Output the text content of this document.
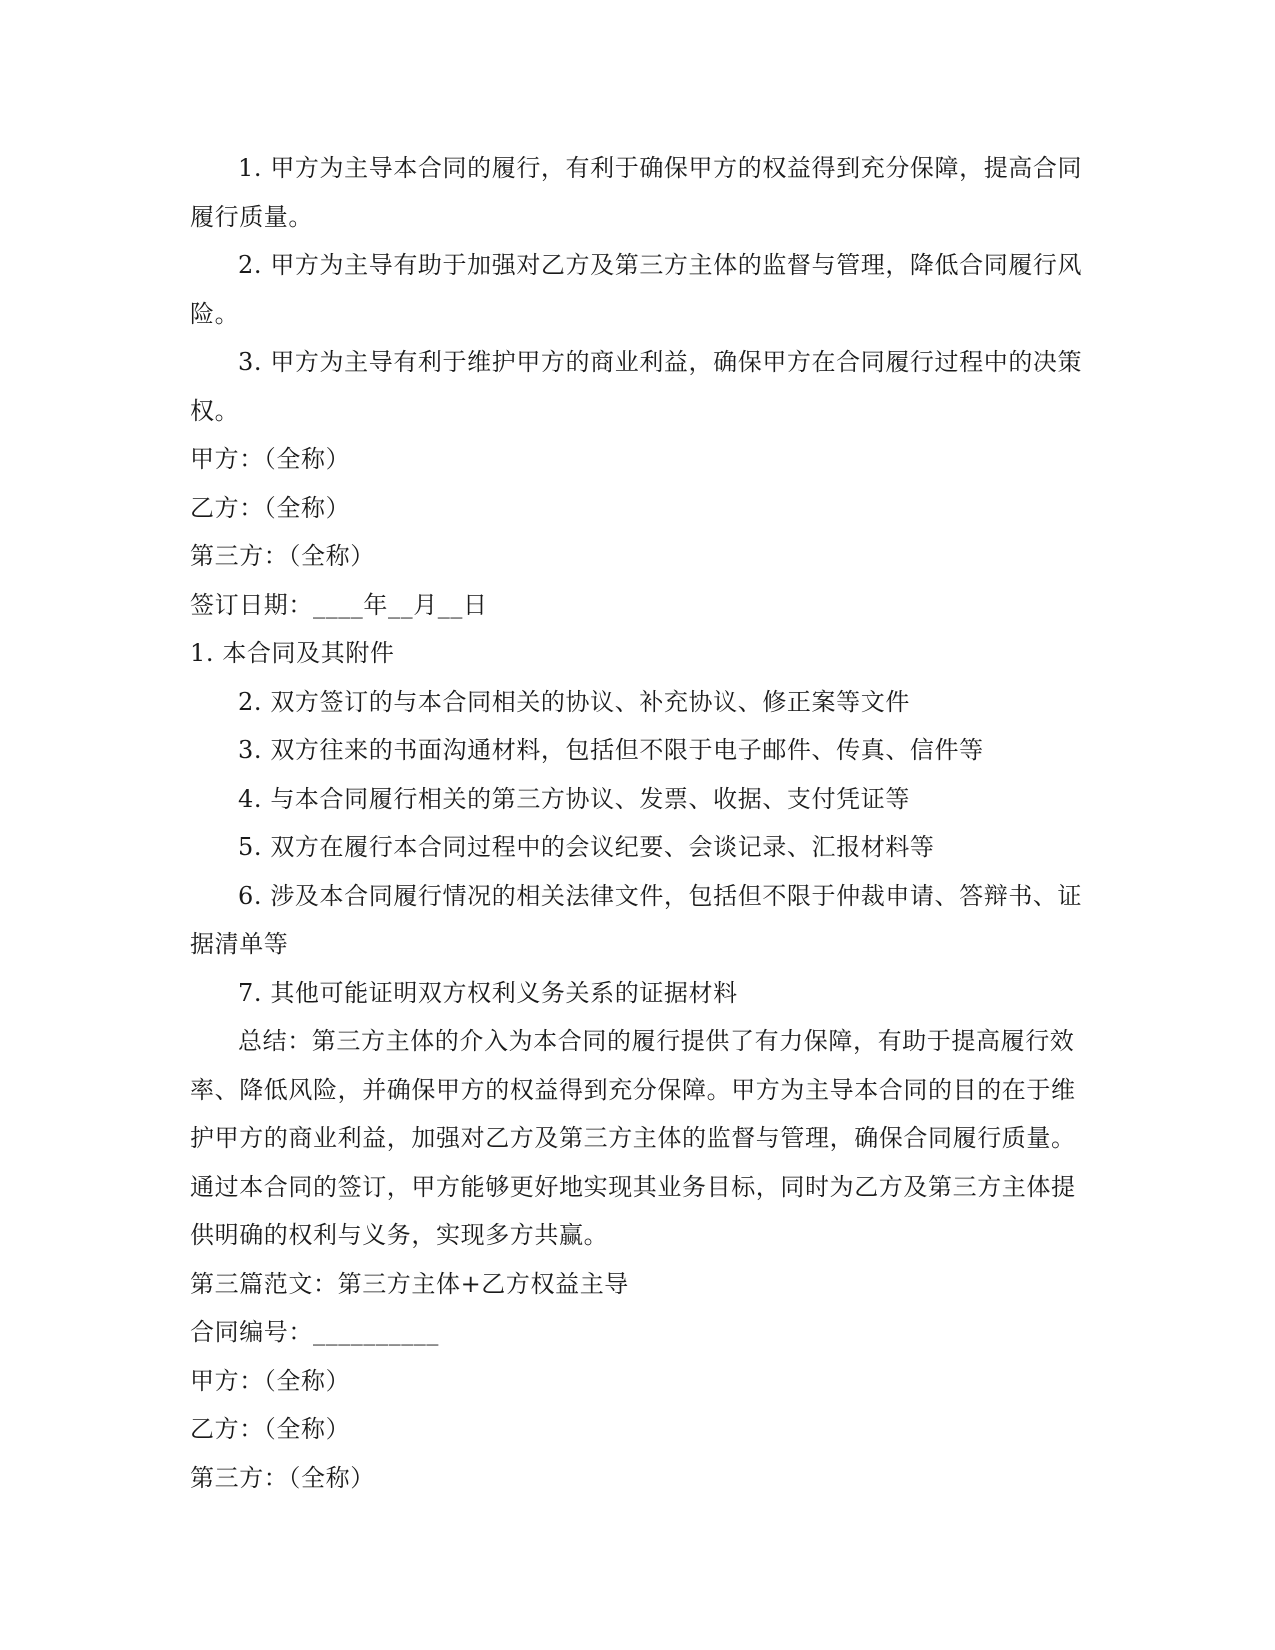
1. 甲方为主导本合同的履行，有利于确保甲方的权益得到充分保障，提高合同履行质量。

2. 甲方为主导有助于加强对乙方及第三方主体的监督与管理，降低合同履行风险。

3. 甲方为主导有利于维护甲方的商业利益，确保甲方在合同履行过程中的决策权。

甲方：（全称）

乙方：（全称）

第三方：（全称）

签订日期：____年__月__日

1. 本合同及其附件

2. 双方签订的与本合同相关的协议、补充协议、修正案等文件

3. 双方往来的书面沟通材料，包括但不限于电子邮件、传真、信件等

4. 与本合同履行相关的第三方协议、发票、收据、支付凭证等

5. 双方在履行本合同过程中的会议纪要、会谈记录、汇报材料等

6. 涉及本合同履行情况的相关法律文件，包括但不限于仲裁申请、答辩书、证据清单等

7. 其他可能证明双方权利义务关系的证据材料

总结：第三方主体的介入为本合同的履行提供了有力保障，有助于提高履行效率、降低风险，并确保甲方的权益得到充分保障。甲方为主导本合同的目的在于维护甲方的商业利益，加强对乙方及第三方主体的监督与管理，确保合同履行质量。通过本合同的签订，甲方能够更好地实现其业务目标，同时为乙方及第三方主体提供明确的权利与义务，实现多方共赢。

第三篇范文：第三方主体+乙方权益主导

合同编号：__________

甲方：（全称）

乙方：（全称）

第三方：（全称）
